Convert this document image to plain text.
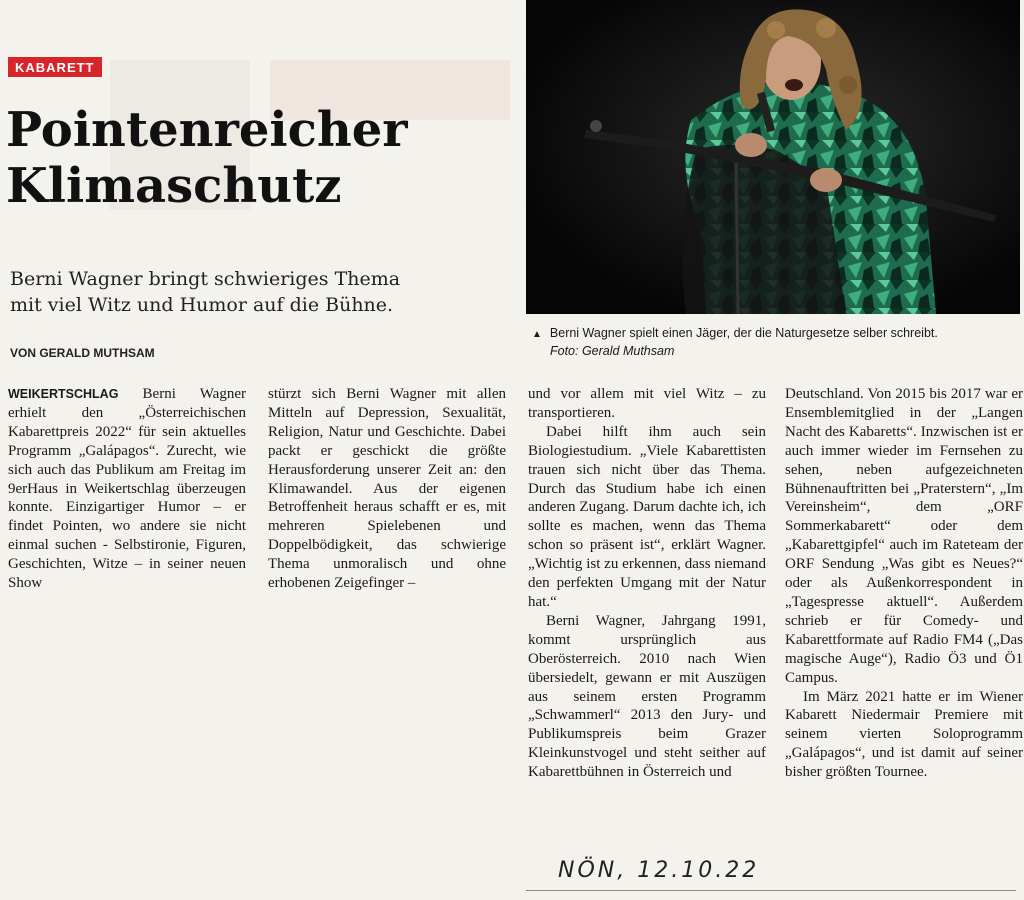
KABARETT
Pointenreicher
Klimaschutz

Berni Wagner bringt schwieriges Thema
mit viel Witz und Humor auf die Bühne.

VON GERALD MUTHSAM
▲ Berni Wagner spielt einen Jäger, der die Naturgesetze selber schreibt.
Foto: Gerald Muthsam

WEIKERTSCHLAG Berni Wagner erhielt den „Österreichischen Kabarettpreis 2022“ für sein aktuelles Programm „Galápagos“. Zurecht, wie sich auch das Publikum am Freitag im 9erHaus in Weikertschlag überzeugen konnte. Einzigartiger Humor – er findet Pointen, wo andere sie nicht einmal suchen - Selbstironie, Figuren, Geschichten, Witze – in seiner neuen Show

stürzt sich Berni Wagner mit allen Mitteln auf Depression, Sexualität, Religion, Natur und Geschichte. Dabei packt er geschickt die größte Herausforderung unserer Zeit an: den Klimawandel. Aus der eigenen Betroffenheit heraus schafft er es, mit mehreren Spielebenen und Doppelbödigkeit, das schwierige Thema unmoralisch und ohne erhobenen Zeigefinger –

und vor allem mit viel Witz – zu transportieren.

Dabei hilft ihm auch sein Biologiestudium. „Viele Kabarettisten trauen sich nicht über das Thema. Durch das Studium habe ich einen anderen Zugang. Darum dachte ich, ich sollte es machen, wenn das Thema schon so präsent ist“, erklärt Wagner. „Wichtig ist zu erkennen, dass niemand den perfekten Umgang mit der Natur hat.“

Berni Wagner, Jahrgang 1991, kommt ursprünglich aus Oberösterreich. 2010 nach Wien übersiedelt, gewann er mit Auszügen aus seinem ersten Programm „Schwammerl“ 2013 den Jury- und Publikumspreis beim Grazer Kleinkunstvogel und steht seither auf Kabarettbühnen in Österreich und

Deutschland. Von 2015 bis 2017 war er Ensemblemitglied in der „Langen Nacht des Kabaretts“. Inzwischen ist er auch immer wieder im Fernsehen zu sehen, neben aufgezeichneten Bühnenauftritten bei „Praterstern“, „Im Vereinsheim“, dem „ORF Sommerkabarett“ oder dem „Kabarettgipfel“ auch im Rateteam der ORF Sendung „Was gibt es Neues?“ oder als Außenkorrespondent in „Tagespresse aktuell“. Außerdem schrieb er für Comedy- und Kabarettformate auf Radio FM4 („Das magische Auge“), Radio Ö3 und Ö1 Campus.

Im März 2021 hatte er im Wiener Kabarett Niedermair Premiere mit seinem vierten Soloprogramm „Galápagos“, und ist damit auf seiner bisher größten Tournee.

NÖN, 12.10.22
